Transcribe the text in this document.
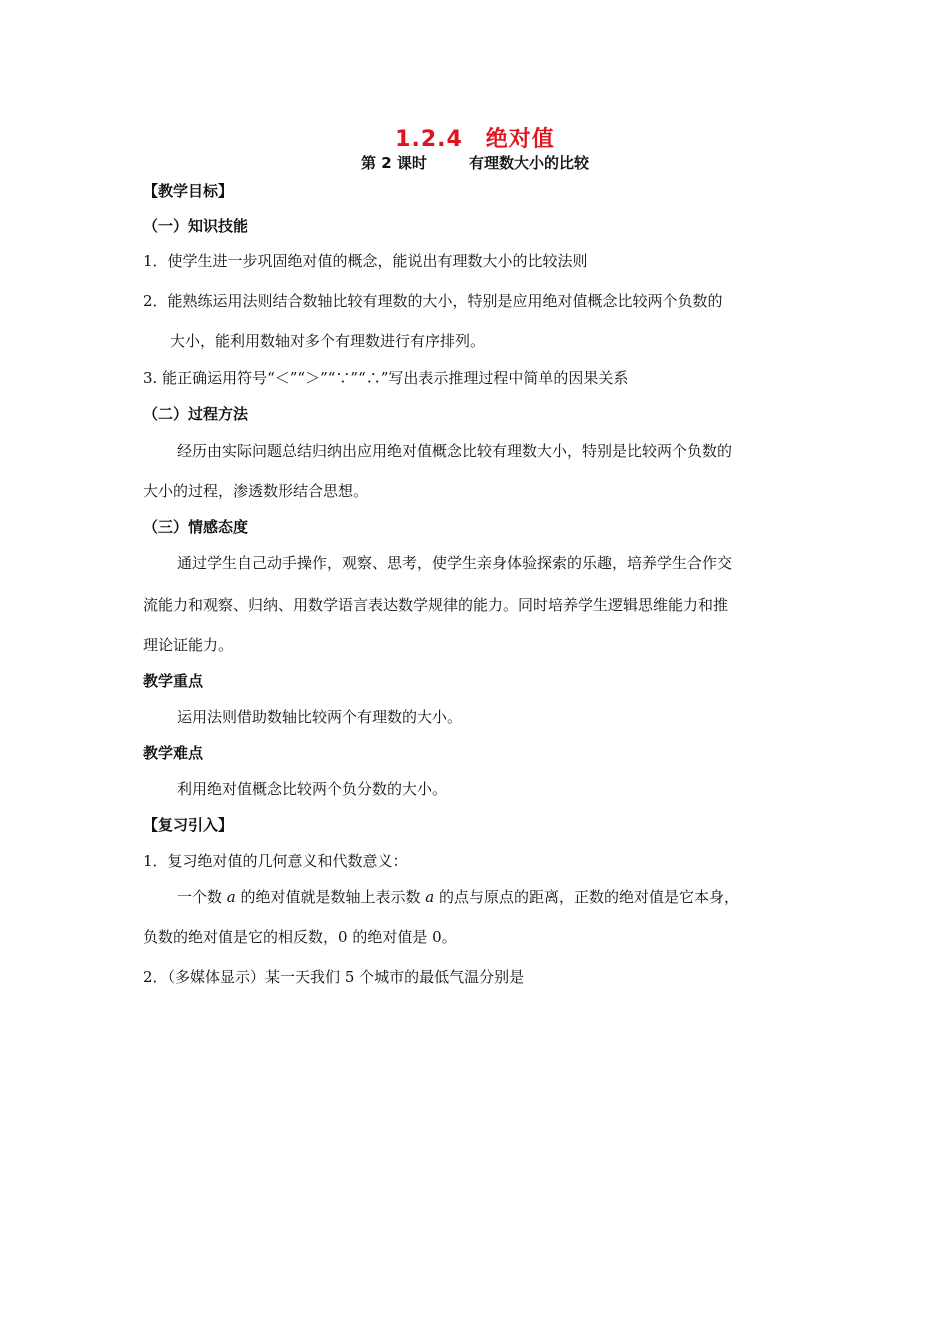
1.2.4　绝对值
第 2 课时	有理数大小的比较
【教学目标】
（一）知识技能
1．使学生进一步巩固绝对值的概念，能说出有理数大小的比较法则
2．能熟练运用法则结合数轴比较有理数的大小，特别是应用绝对值概念比较两个负数的
大小，能利用数轴对多个有理数进行有序排列。
3. 能正确运用符号“＜”“＞”“∵”“∴”写出表示推理过程中简单的因果关系
（二）过程方法
经历由实际问题总结归纳出应用绝对值概念比较有理数大小，特别是比较两个负数的
大小的过程，渗透数形结合思想。
（三）情感态度
通过学生自己动手操作，观察、思考，使学生亲身体验探索的乐趣，培养学生合作交
流能力和观察、归纳、用数学语言表达数学规律的能力。同时培养学生逻辑思维能力和推
理论证能力。
教学重点
运用法则借助数轴比较两个有理数的大小。
教学难点
利用绝对值概念比较两个负分数的大小。
【复习引入】
1．复习绝对值的几何意义和代数意义：
一个数 a 的绝对值就是数轴上表示数 a 的点与原点的距离，正数的绝对值是它本身，
负数的绝对值是它的相反数，0 的绝对值是 0。
2．（多媒体显示）某一天我们 5 个城市的最低气温分别是
